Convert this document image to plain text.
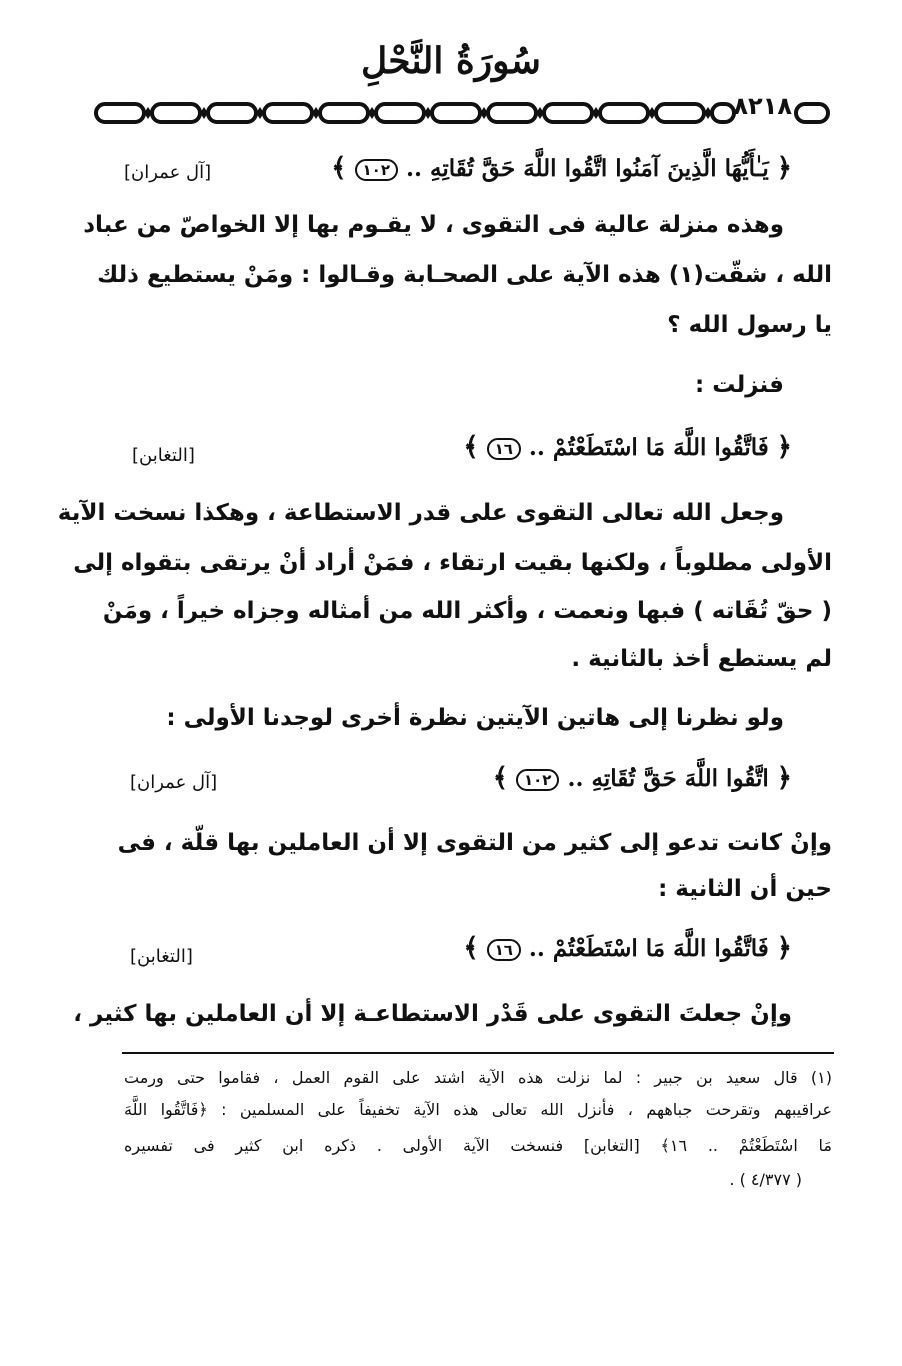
سُورَةُ النَّحْلِ
٨٢١٨
﴿ يَـٰأَيُّهَا الَّذِينَ آمَنُوا اتَّقُوا اللَّهَ حَقَّ تُقَاتِهِ .. ١٠٢ ﴾
[آل عمران]
وهذه منزلة عالية فى التقوى ، لا يقـوم بها إلا الخواصّ من عباد
الله ، شقّت(١) هذه الآية على الصحـابة وقـالوا : ومَنْ يستطيع ذلك
يا رسول الله ؟
فنزلت :
﴿ فَاتَّقُوا اللَّهَ مَا اسْتَطَعْتُمْ .. ١٦ ﴾
[التغابن]
وجعل الله تعالى التقوى على قدر الاستطاعة ، وهكذا نسخت الآية
الأولى مطلوباً ، ولكنها بقيت ارتقاء ، فمَنْ أراد أنْ يرتقى بتقواه إلى
( حقّ تُقَاته ) فبها ونعمت ، وأكثر الله من أمثاله وجزاه خيراً ، ومَنْ
لم يستطع أخذ بالثانية .
ولو نظرنا إلى هاتين الآيتين نظرة أخرى لوجدنا الأولى :
﴿ اتَّقُوا اللَّهَ حَقَّ تُقَاتِهِ .. ١٠٢ ﴾
[آل عمران]
وإنْ كانت تدعو إلى كثير من التقوى إلا أن العاملين بها قلّة ، فى
حين أن الثانية :
﴿ فَاتَّقُوا اللَّهَ مَا اسْتَطَعْتُمْ .. ١٦ ﴾
[التغابن]
وإنْ جعلتَ التقوى على قَدْر الاستطاعـة إلا أن العاملين بها كثير ،
(١) قال سعيد بن جبير : لما نزلت هذه الآية اشتد على القوم العمل ، فقاموا حتى ورمت
عراقيبهم وتقرحت جباههم ، فأنزل الله تعالى هذه الآية تخفيفاً على المسلمين : ﴿فَاتَّقُوا اللَّهَ
مَا اسْتَطَعْتُمْ .. ١٦﴾ [التغابن] فنسخت الآية الأولى . ذكره ابن كثير فى تفسيره
( ٤/٣٧٧ ) .
